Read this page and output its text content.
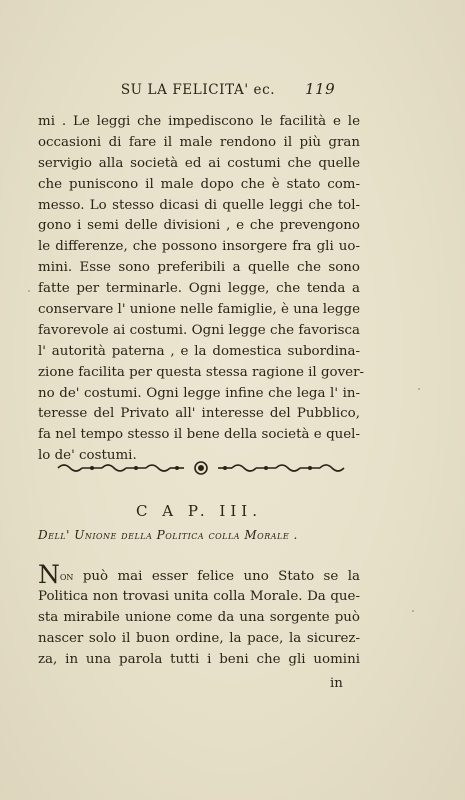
SU LA FELICITA' ec.	119
mi . Le leggi che impediscono le facilità e le
occasioni di fare il male rendono il più gran
servigio alla società ed ai costumi che quelle
che puniscono il male dopo che è stato com-
messo. Lo stesso dicasi di quelle leggi che tol-
gono i semi delle divisioni , e che prevengono
le differenze, che possono insorgere fra gli uo-
mini. Esse sono preferibili a quelle che sono
fatte per terminarle. Ogni legge, che tenda a
conservare l' unione nelle famiglie, è una legge
favorevole ai costumi. Ogni legge che favorisca
l' autorità paterna , e la domestica subordina-
zione facilita per questa stessa ragione il gover-
no de' costumi. Ogni legge infine che lega l' in-
teresse del Privato all' interesse del Pubblico,
fa nel tempo stesso il bene della società e quel-
lo de' costumi.
C A P. III.
Dell' Unione della Politica colla Morale .
Non può mai esser felice uno Stato se la
Politica non trovasi unita colla Morale. Da que-
sta mirabile unione come da una sorgente può
nascer solo il buon ordine, la pace, la sicurez-
za, in una parola tutti i beni che gli uomini
in
